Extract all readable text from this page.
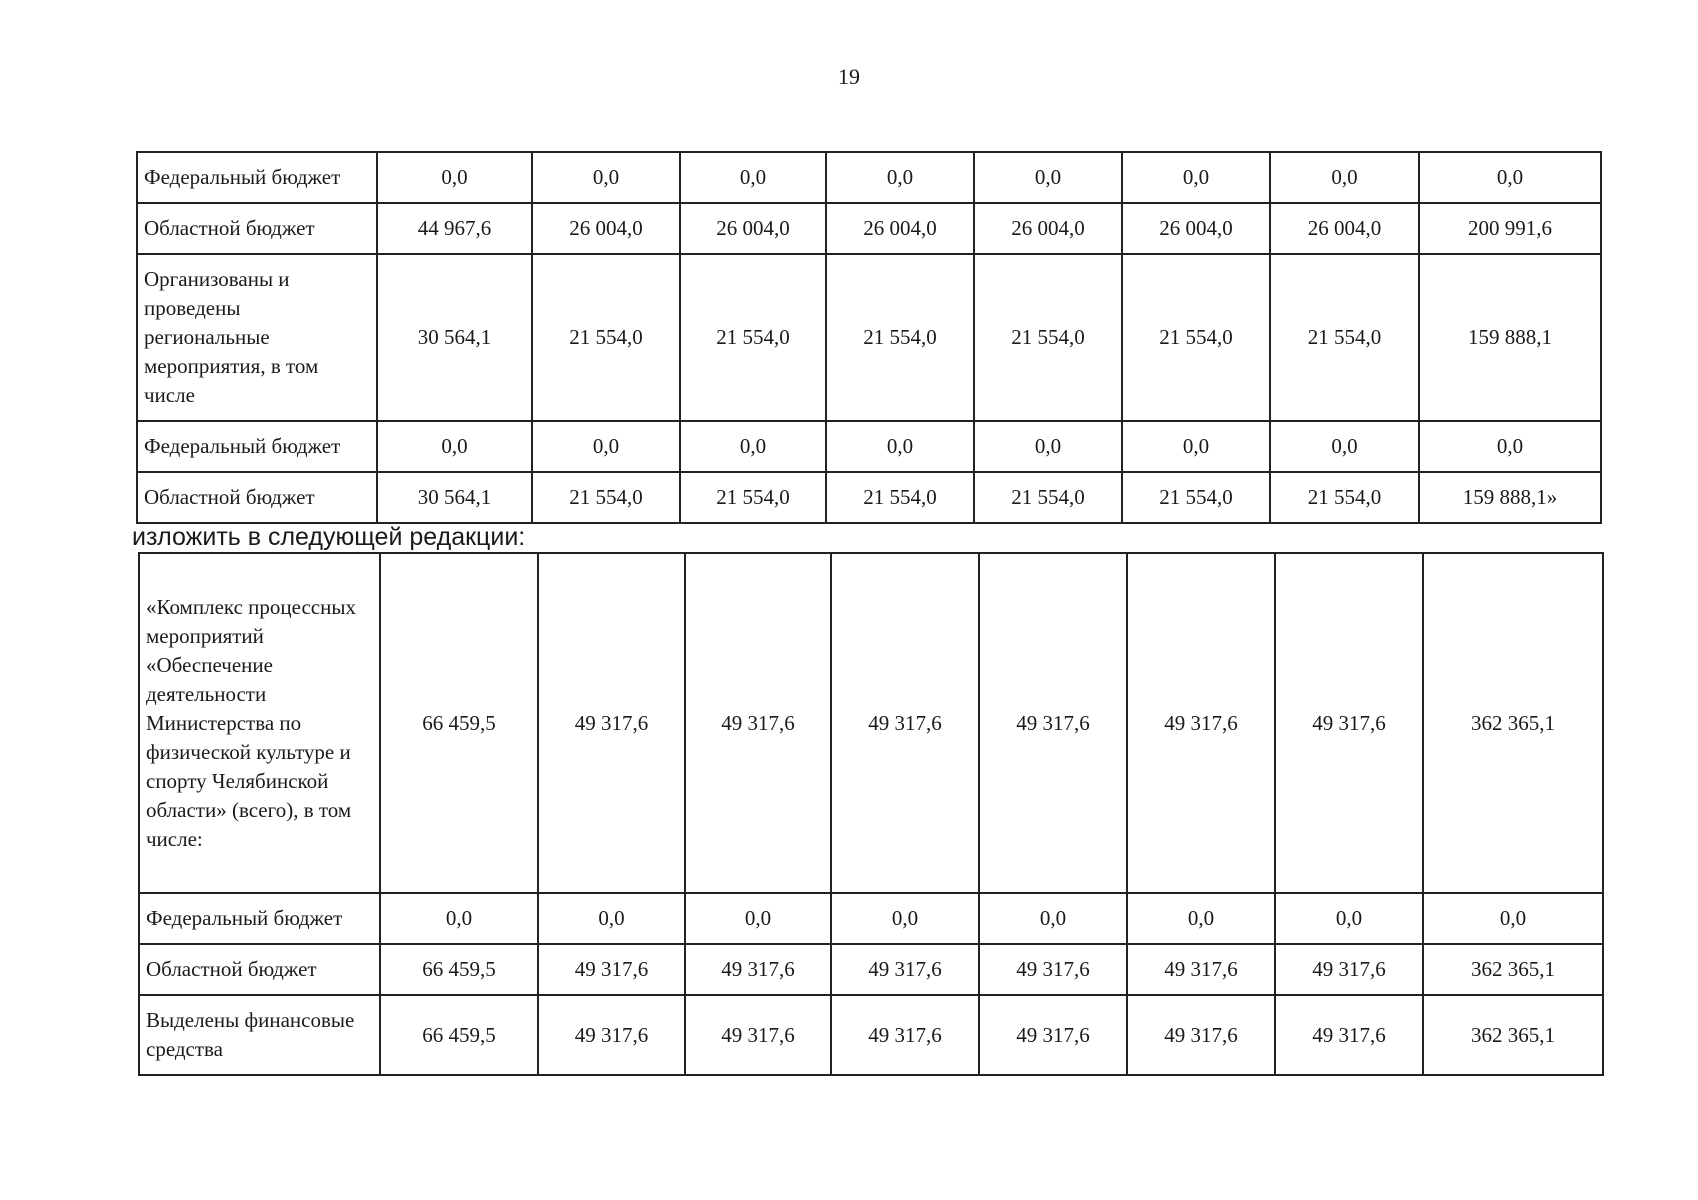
19
Федеральный бюджет	0,0	0,0	0,0	0,0	0,0	0,0	0,0	0,0
Областной бюджет	44 967,6	26 004,0	26 004,0	26 004,0	26 004,0	26 004,0	26 004,0	200 991,6
Организованы и проведены региональные мероприятия, в том числе	30 564,1	21 554,0	21 554,0	21 554,0	21 554,0	21 554,0	21 554,0	159 888,1
Федеральный бюджет	0,0	0,0	0,0	0,0	0,0	0,0	0,0	0,0
Областной бюджет	30 564,1	21 554,0	21 554,0	21 554,0	21 554,0	21 554,0	21 554,0	159 888,1»
изложить в следующей редакции:
«Комплекс процессных мероприятий «Обеспечение деятельности Министерства по физической культуре и спорту Челябинской области» (всего), в том числе:	66 459,5	49 317,6	49 317,6	49 317,6	49 317,6	49 317,6	49 317,6	362 365,1
Федеральный бюджет	0,0	0,0	0,0	0,0	0,0	0,0	0,0	0,0
Областной бюджет	66 459,5	49 317,6	49 317,6	49 317,6	49 317,6	49 317,6	49 317,6	362 365,1
Выделены финансовые средства	66 459,5	49 317,6	49 317,6	49 317,6	49 317,6	49 317,6	49 317,6	362 365,1
